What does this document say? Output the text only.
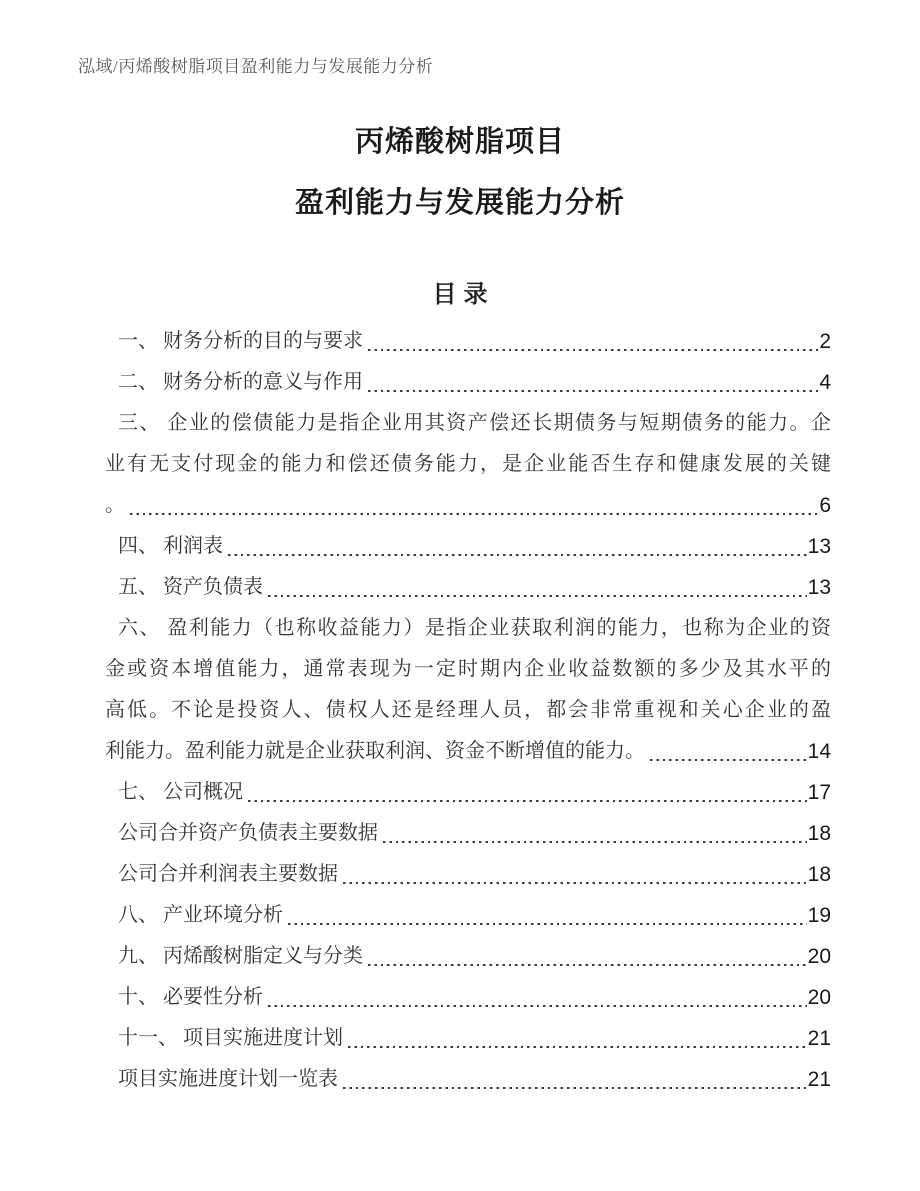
泓域/丙烯酸树脂项目盈利能力与发展能力分析
丙烯酸树脂项目
盈利能力与发展能力分析
目录
一、 财务分析的目的与要求	2
二、 财务分析的意义与作用	4
三、 企业的偿债能力是指企业用其资产偿还长期债务与短期债务的能力。企
业有无支付现金的能力和偿还债务能力，是企业能否生存和健康发展的关键
。	6
四、 利润表	13
五、 资产负债表	13
六、 盈利能力（也称收益能力）是指企业获取利润的能力，也称为企业的资
金或资本增值能力，通常表现为一定时期内企业收益数额的多少及其水平的
高低。不论是投资人、债权人还是经理人员，都会非常重视和关心企业的盈
利能力。盈利能力就是企业获取利润、资金不断增值的能力。	14
七、 公司概况	17
公司合并资产负债表主要数据	18
公司合并利润表主要数据	18
八、 产业环境分析	19
九、 丙烯酸树脂定义与分类	20
十、 必要性分析	20
十一、 项目实施进度计划	21
项目实施进度计划一览表	21
